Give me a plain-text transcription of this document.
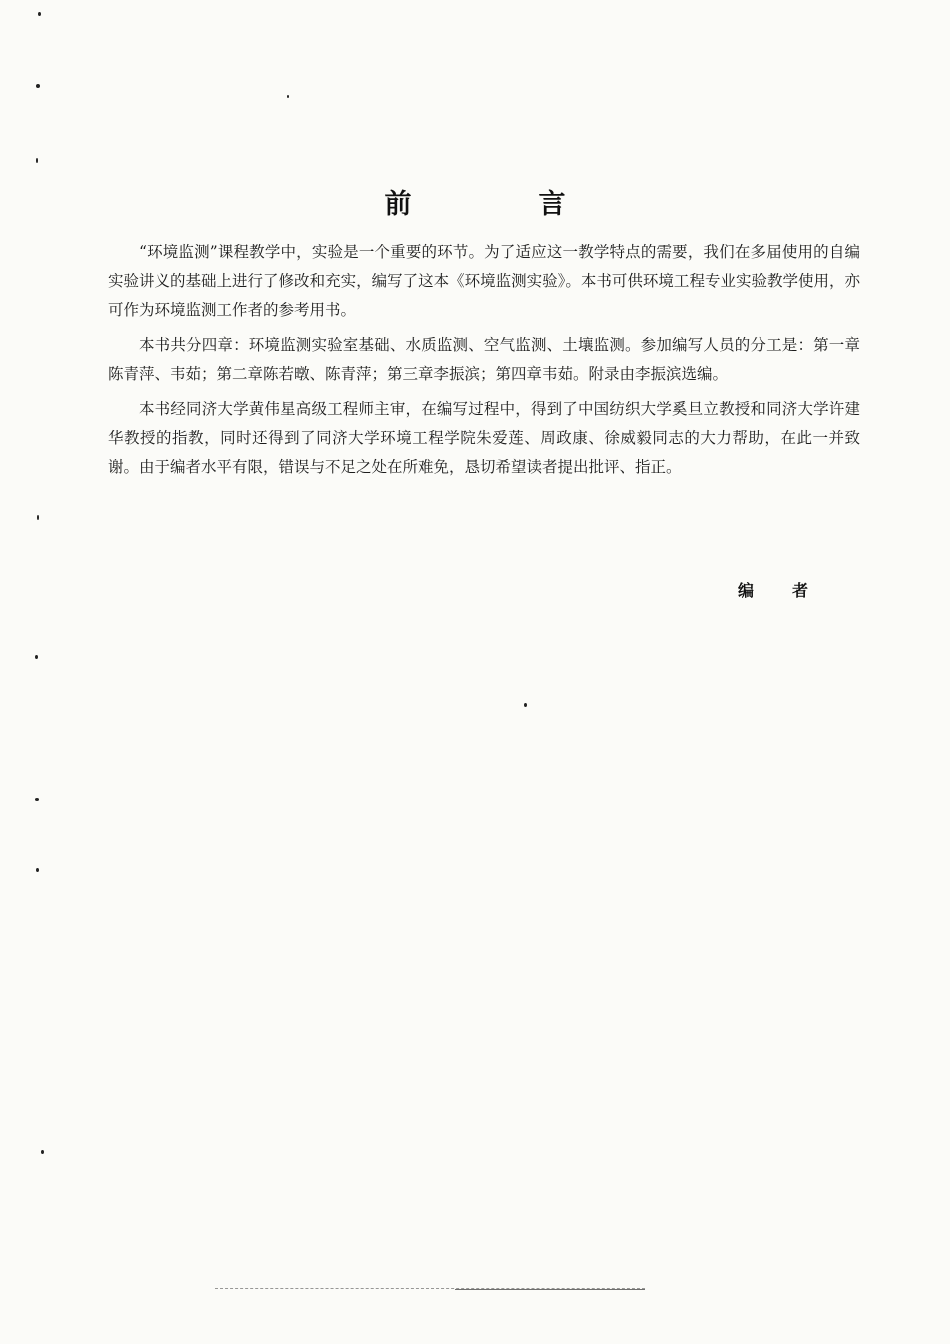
前　言

“环境监测”课程教学中，实验是一个重要的环节。为了适应这一教学特点的需要，我们在多届使用的自编实验讲义的基础上进行了修改和充实，编写了这本《环境监测实验》。本书可供环境工程专业实验教学使用，亦可作为环境监测工作者的参考用书。

本书共分四章：环境监测实验室基础、水质监测、空气监测、土壤监测。参加编写人员的分工是：第一章陈青萍、韦茹；第二章陈若暾、陈青萍；第三章李振滨；第四章韦茹。附录由李振滨选编。

本书经同济大学黄伟星高级工程师主审，在编写过程中，得到了中国纺织大学奚旦立教授和同济大学许建华教授的指教，同时还得到了同济大学环境工程学院朱爱莲、周政康、徐威毅同志的大力帮助，在此一并致谢。由于编者水平有限，错误与不足之处在所难免，恳切希望读者提出批评、指正。

编者
